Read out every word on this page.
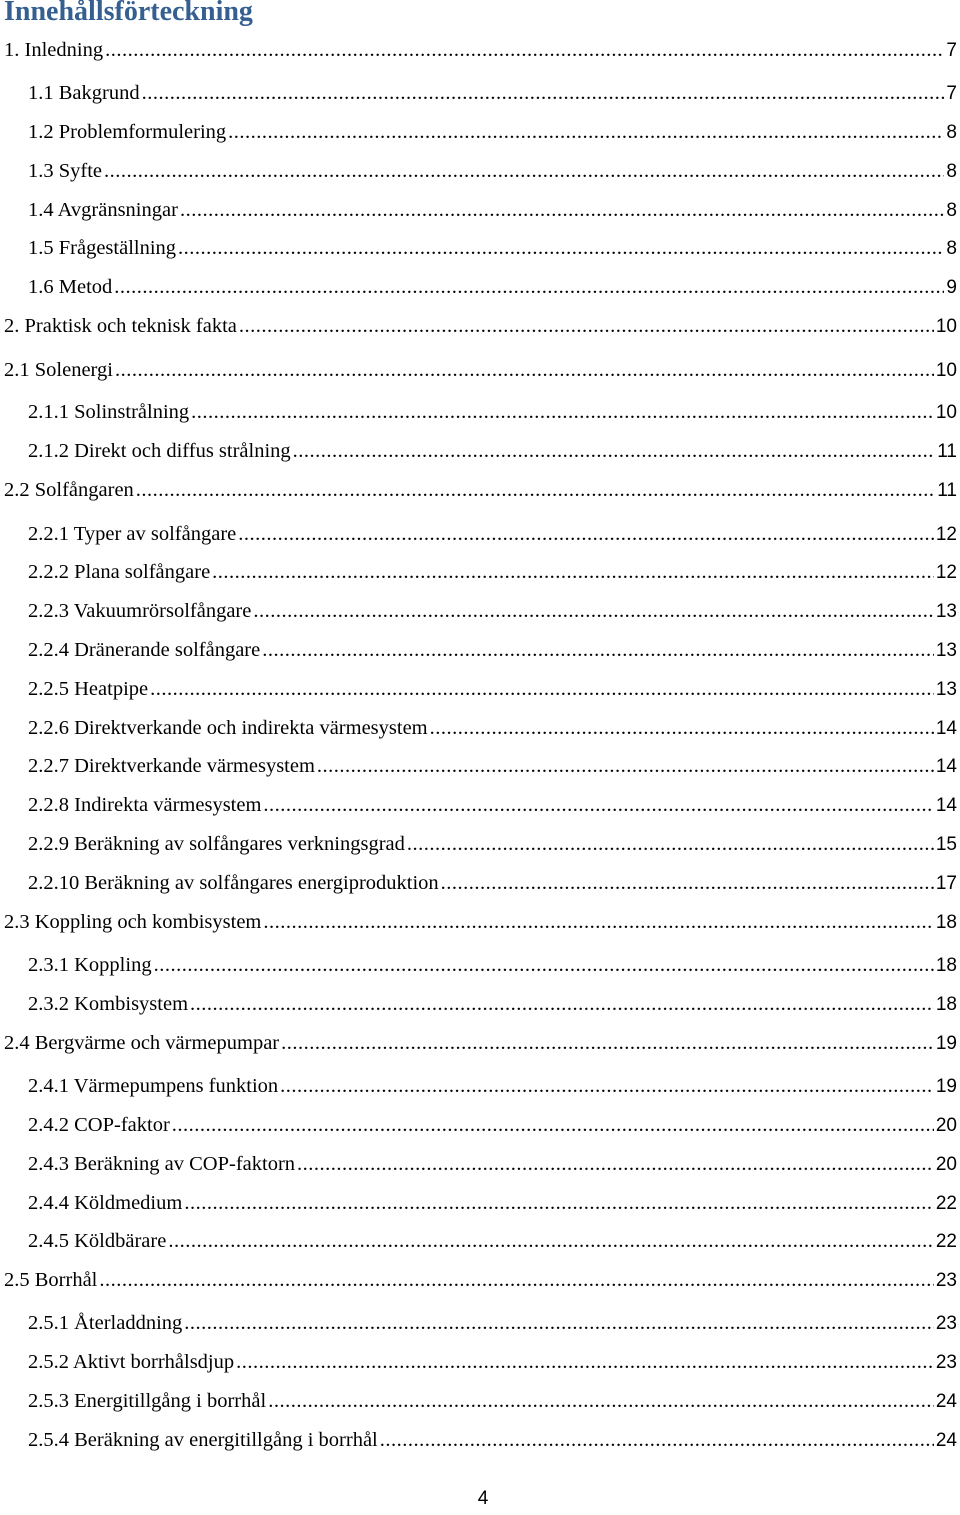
Innehållsförteckning
1. Inledning .....	7
1.1 Bakgrund .....	7
1.2 Problemformulering .....	8
1.3 Syfte .....	8
1.4 Avgränsningar .....	8
1.5 Frågeställning .....	8
1.6 Metod .....	9
2. Praktisk och teknisk fakta .....	10
2.1 Solenergi .....	10
2.1.1 Solinstrålning .....	10
2.1.2 Direkt och diffus strålning .....	11
2.2 Solfångaren .....	11
2.2.1 Typer av solfångare .....	12
2.2.2 Plana solfångare .....	12
2.2.3 Vakuumrörsolfångare .....	13
2.2.4 Dränerande solfångare .....	13
2.2.5 Heatpipe .....	13
2.2.6 Direktverkande och indirekta värmesystem .....	14
2.2.7 Direktverkande värmesystem .....	14
2.2.8 Indirekta värmesystem .....	14
2.2.9 Beräkning av solfångares verkningsgrad .....	15
2.2.10 Beräkning av solfångares energiproduktion .....	17
2.3 Koppling och kombisystem .....	18
2.3.1 Koppling .....	18
2.3.2 Kombisystem .....	18
2.4 Bergvärme och värmepumpar .....	19
2.4.1 Värmepumpens funktion .....	19
2.4.2 COP-faktor .....	20
2.4.3 Beräkning av COP-faktorn .....	20
2.4.4 Köldmedium .....	22
2.4.5 Köldbärare .....	22
2.5 Borrhål .....	23
2.5.1 Återladdning .....	23
2.5.2 Aktivt borrhålsdjup .....	23
2.5.3 Energitillgång i borrhål .....	24
2.5.4 Beräkning av energitillgång i borrhål .....	24
4
